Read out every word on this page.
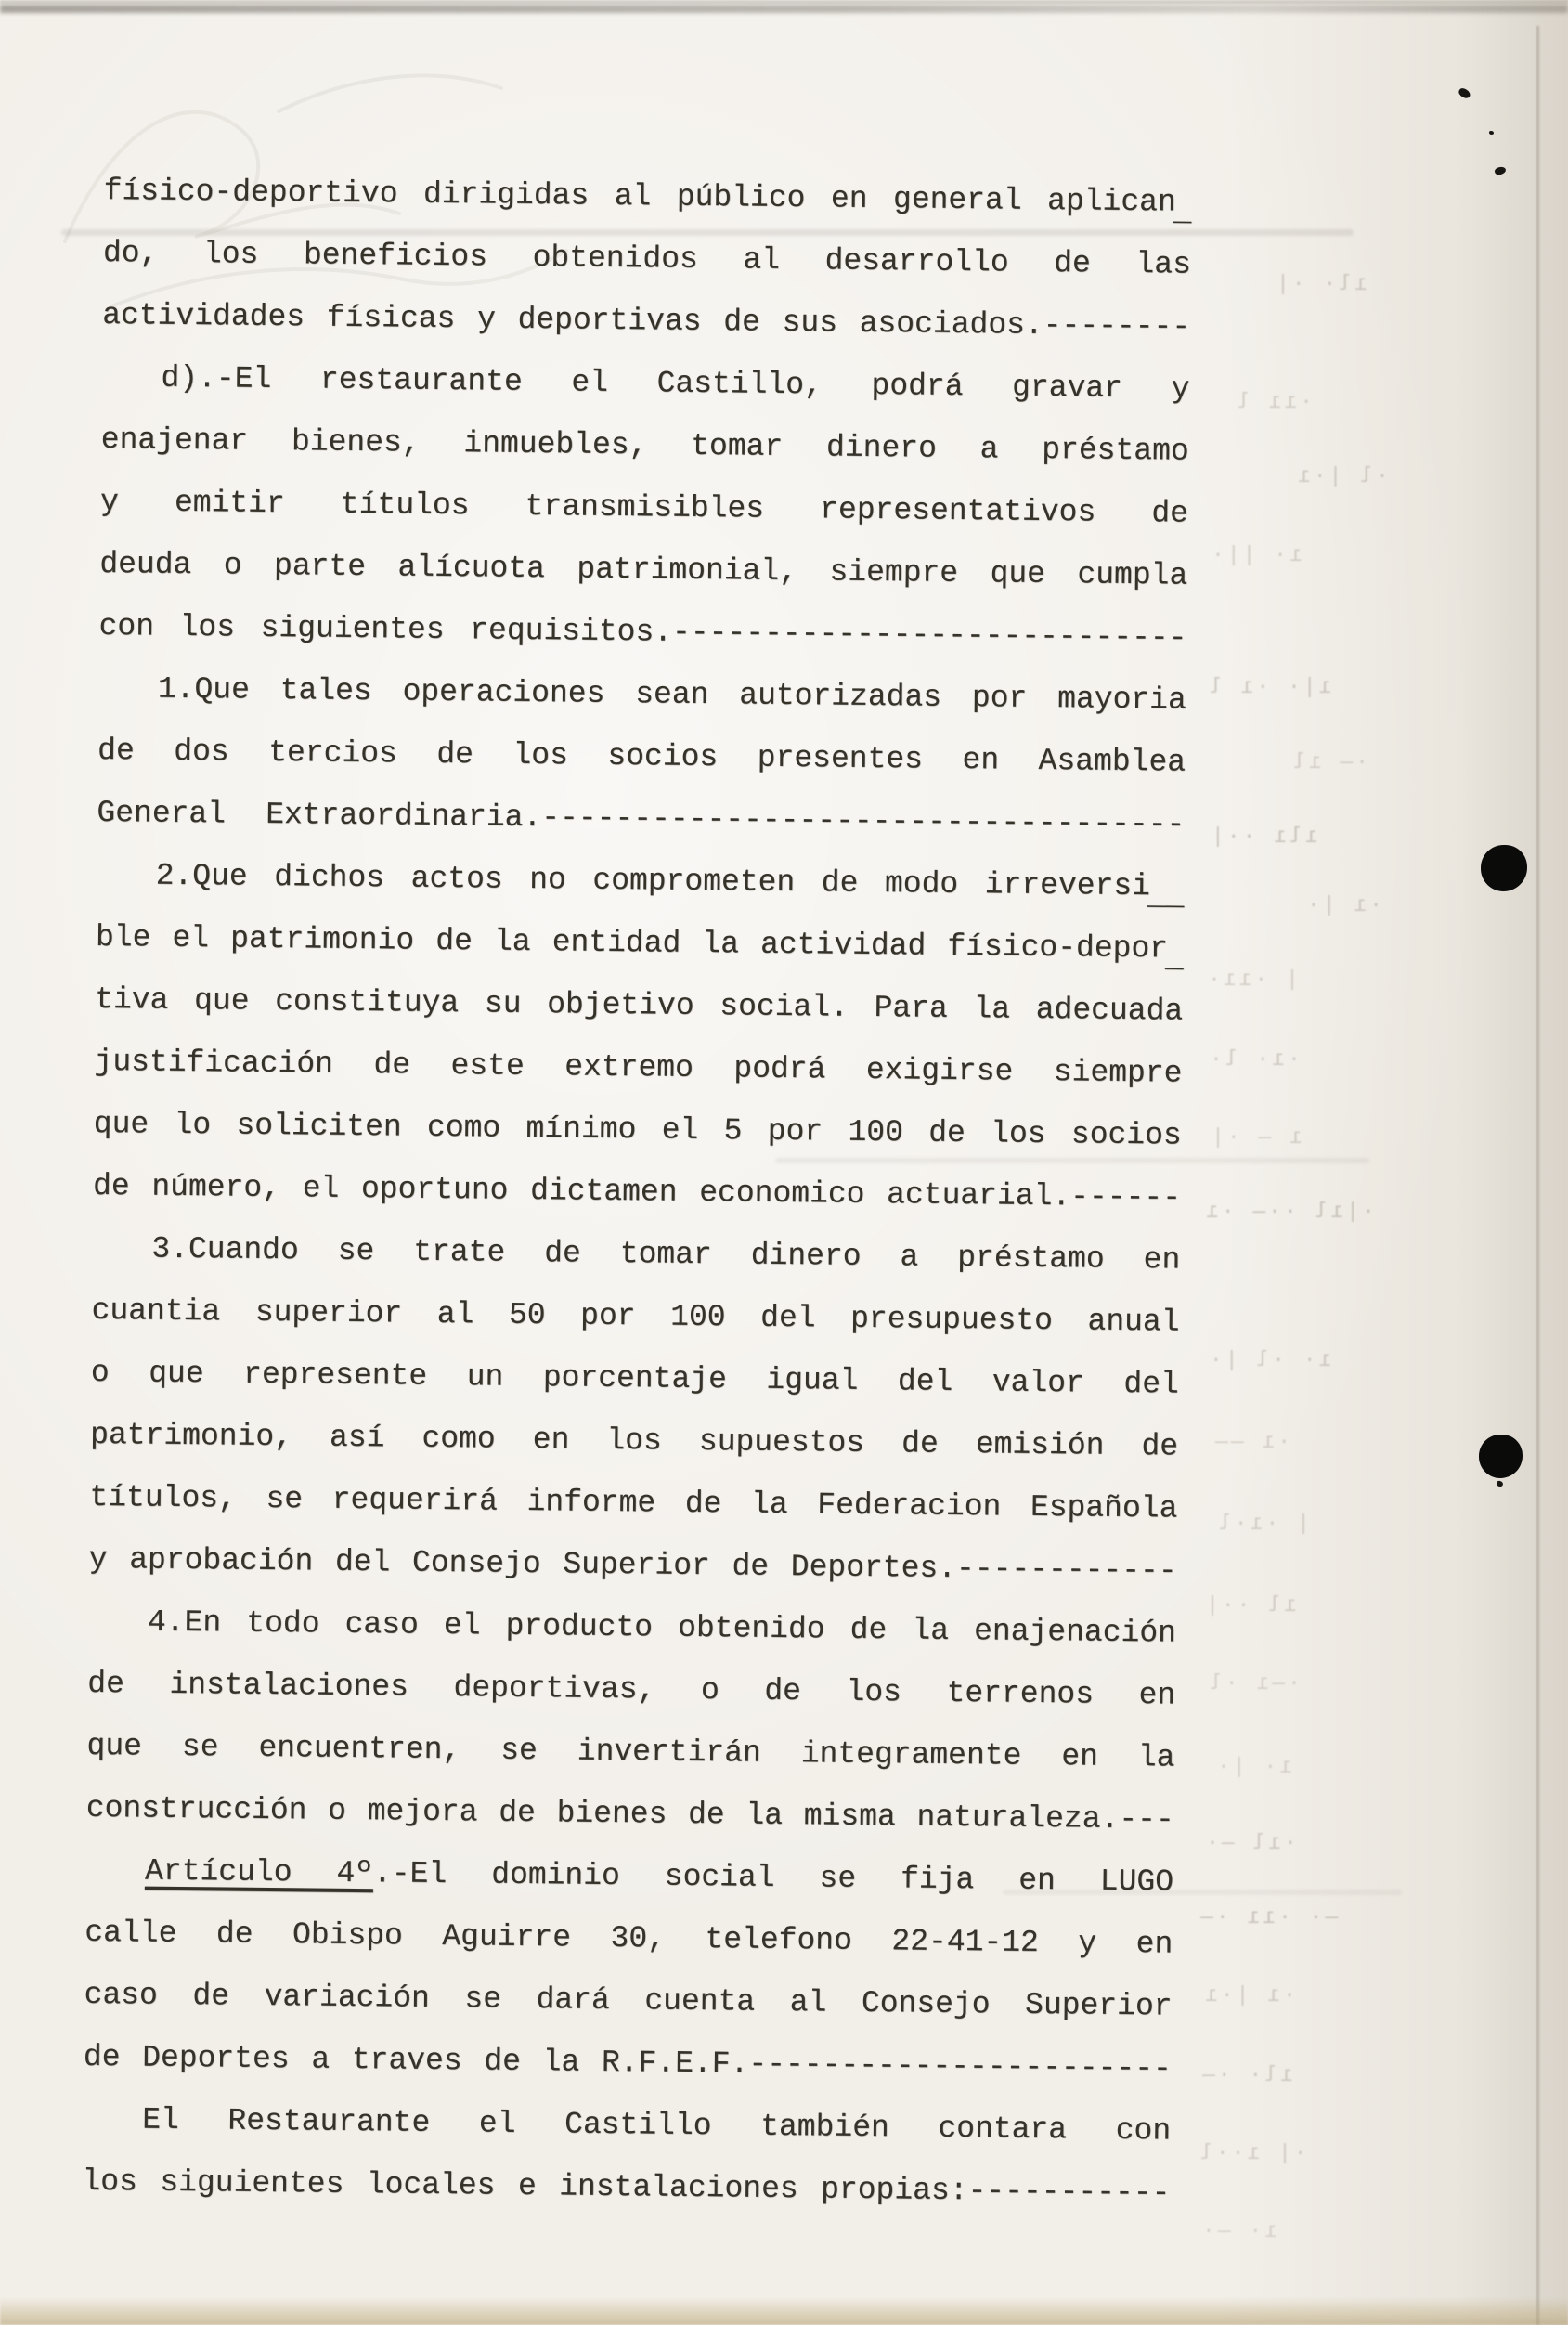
físico-deportivo dirigidas al público en general aplican_
do, los beneficios obtenidos al desarrollo de las
actividades físicas y deportivas de sus asociados.--------
d).-El restaurante el Castillo, podrá gravar y
enajenar bienes, inmuebles, tomar dinero a préstamo
y emitir títulos transmisibles representativos de
deuda o parte alícuota patrimonial, siempre que cumpla
con los siguientes requisitos.----------------------------
1.Que tales operaciones sean autorizadas por mayoria
de dos tercios de los socios presentes en Asamblea
General Extraordinaria.-----------------------------------
2.Que dichos actos no comprometen de modo irreversi__
ble el patrimonio de la entidad la actividad físico-depor_
tiva que constituya su objetivo social. Para la adecuada
justificación de este extremo podrá exigirse siempre
que lo soliciten como mínimo el 5 por 100 de los socios
de número, el oportuno dictamen economico actuarial.------
3.Cuando se trate de tomar dinero a préstamo en
cuantia superior al 50 por 100 del presupuesto anual
o que represente un porcentaje igual del valor del
patrimonio, así como en los supuestos de emisión de
títulos, se requerirá informe de la Federacion Española
y aprobación del Consejo Superior de Deportes.------------
4.En todo caso el producto obtenido de la enajenación
de instalaciones deportivas, o de los terrenos en
que se encuentren, se invertirán integramente en la
construcción o mejora de bienes de la misma naturaleza.---
Artículo 4º.-El dominio social se fija en LUGO
calle de Obispo Aguirre 30, telefono 22-41-12 y en
caso de variación se dará cuenta al Consejo Superior
de Deportes a traves de la R.F.E.F.-----------------------
El Restaurante el Castillo también contara con
los siguientes locales e instalaciones propias:-----------
ıl· ·|
·ıı l
·l |·ı
ı· ||·
ı|· ·ı l
·— ıl
ılı ··|
·ı |·
| ·ıı·
·ı· l·
ı — ·|
·|ıl ··— ·ı
ı· ·l |·
·ı ——
| ·ı·l
ıl ··|
·—ı ·l
ı· |·
·ıl —·
—· ·ıı ·—
·ı |·ı
ıl· ·—
·| ı··l
ı· —·
